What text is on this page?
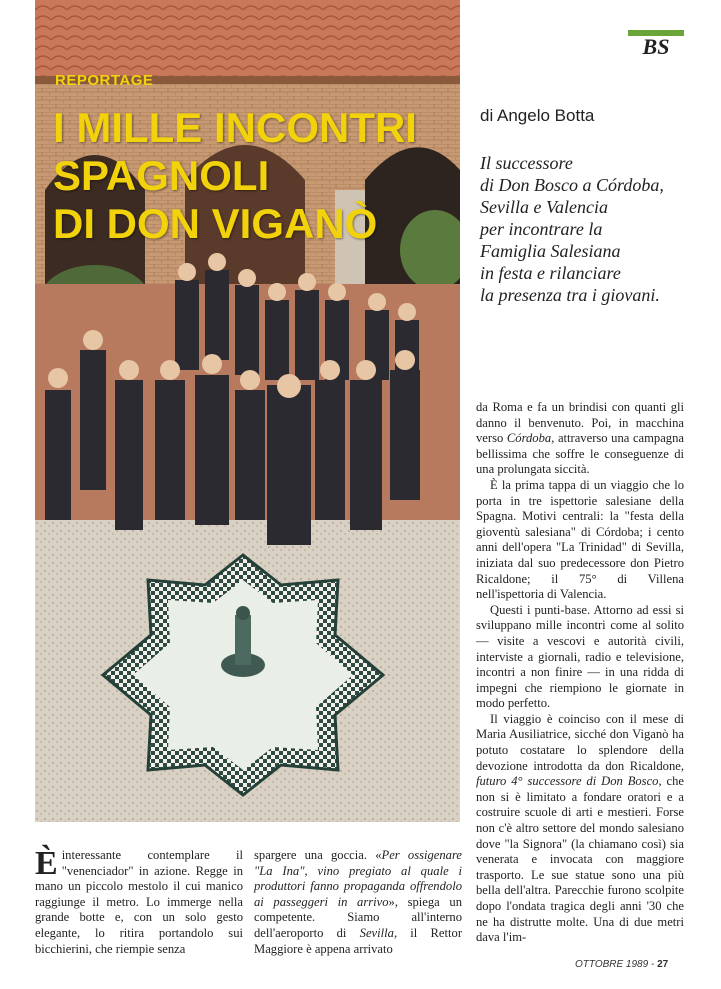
REPORTAGE
I MILLE INCONTRI
SPAGNOLI
DI DON VIGANÒ
BS
di Angelo Botta
Il successore
di Don Bosco a Córdoba,
Sevilla e Valencia
per incontrare la
Famiglia Salesiana
in festa e rilanciare
la presenza tra i giovani.

da Roma e fa un brindisi con quanti gli danno il benvenuto. Poi, in macchina verso Córdoba, attraverso una campagna bellissima che soffre le conseguenze di una prolungata siccità.

È la prima tappa di un viaggio che lo porta in tre ispettorie salesiane della Spagna. Motivi centrali: la "festa della gioventù salesiana" di Córdoba; i cento anni dell'opera "La Trinidad" di Sevilla, iniziata dal suo predecessore don Pietro Ricaldone; il 75° di Villena nell'ispettoria di Valencia.

Questi i punti-base. Attorno ad essi si sviluppano mille incontri come al solito — visite a vescovi e autorità civili, interviste a giornali, radio e televisione, incontri a non finire — in una ridda di impegni che riempiono le giornate in modo perfetto.

Il viaggio è coinciso con il mese di Maria Ausiliatrice, sicché don Viganò ha potuto costatare lo splendore della devozione introdotta da don Ricaldone, futuro 4° successore di Don Bosco, che non si è limitato a fondare oratori e a costruire scuole di arti e mestieri. Forse non c'è altro settore del mondo salesiano dove "la Signora" (la chiamano così) sia venerata e invocata con maggiore trasporto. Le sue statue sono una più bella dell'altra. Parecchie furono scolpite dopo l'ondata tragica degli anni '30 che ne ha distrutte molte. Una di due metri dava l'im-

È interessante contemplare il "venenciador" in azione. Regge in mano un piccolo mestolo il cui manico raggiunge il metro. Lo immerge nella grande botte e, con un solo gesto elegante, lo ritira portandolo sui bicchierini, che riempie senza

spargere una goccia. «Per ossigenare "La Ina", vino pregiato al quale i produttori fanno propaganda offrendolo ai passeggeri in arrivo», spiega un competente. Siamo all'interno dell'aeroporto di Sevilla, il Rettor Maggiore è appena arrivato

OTTOBRE 1989 - 27
